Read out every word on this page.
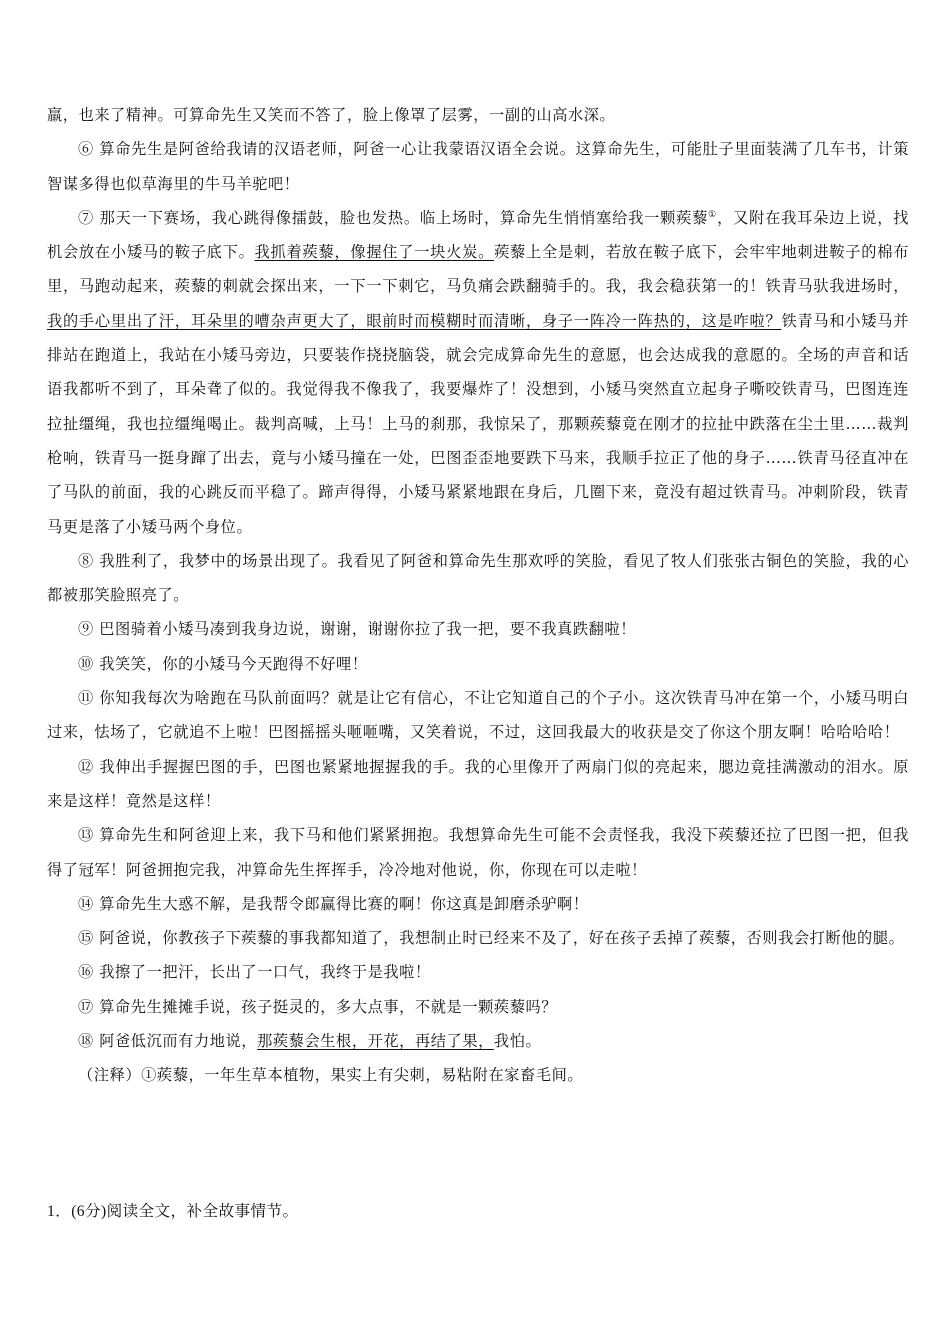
羸，也来了精神。可算命先生又笑而不答了，脸上像罩了层雾，一副的山高水深。

⑥ 算命先生是阿爸给我请的汉语老师，阿爸一心让我蒙语汉语全会说。这算命先生，可能肚子里面装满了几车书，计策智谋多得也似草海里的牛马羊驼吧！

⑦ 那天一下赛场，我心跳得像擂鼓，脸也发热。临上场时，算命先生悄悄塞给我一颗蒺藜①，又附在我耳朵边上说，找机会放在小矮马的鞍子底下。我抓着蒺藜，像握住了一块火炭。蒺藜上全是刺，若放在鞍子底下，会牢牢地刺进鞍子的棉布里，马跑动起来，蒺藜的刺就会探出来，一下一下刺它，马负痛会跌翻骑手的。我，我会稳获第一的！铁青马驮我进场时，我的手心里出了汗，耳朵里的嘈杂声更大了，眼前时而模糊时而清晰，身子一阵冷一阵热的，这是咋啦？铁青马和小矮马并排站在跑道上，我站在小矮马旁边，只要装作挠挠脑袋，就会完成算命先生的意愿，也会达成我的意愿的。全场的声音和话语我都听不到了，耳朵聋了似的。我觉得我不像我了，我要爆炸了！没想到，小矮马突然直立起身子嘶咬铁青马，巴图连连拉扯缰绳，我也拉缰绳喝止。裁判高喊，上马！上马的刹那，我惊呆了，那颗蒺藜竟在刚才的拉扯中跌落在尘土里……裁判枪响，铁青马一挺身蹿了出去，竟与小矮马撞在一处，巴图歪歪地要跌下马来，我顺手拉正了他的身子……铁青马径直冲在了马队的前面，我的心跳反而平稳了。蹄声得得，小矮马紧紧地跟在身后，几圈下来，竟没有超过铁青马。冲刺阶段，铁青马更是落了小矮马两个身位。

⑧ 我胜利了，我梦中的场景出现了。我看见了阿爸和算命先生那欢呼的笑脸，看见了牧人们张张古铜色的笑脸，我的心都被那笑脸照亮了。

⑨ 巴图骑着小矮马凑到我身边说，谢谢，谢谢你拉了我一把，要不我真跌翻啦！

⑩ 我笑笑，你的小矮马今天跑得不好哩！

⑪ 你知我每次为啥跑在马队前面吗？就是让它有信心，不让它知道自己的个子小。这次铁青马冲在第一个，小矮马明白过来，怯场了，它就追不上啦！巴图摇摇头咂咂嘴，又笑着说，不过，这回我最大的收获是交了你这个朋友啊！哈哈哈哈！

⑫ 我伸出手握握巴图的手，巴图也紧紧地握握我的手。我的心里像开了两扇门似的亮起来，腮边竟挂满激动的泪水。原来是这样！竟然是这样！

⑬ 算命先生和阿爸迎上来，我下马和他们紧紧拥抱。我想算命先生可能不会责怪我，我没下蒺藜还拉了巴图一把，但我得了冠军！阿爸拥抱完我，冲算命先生挥挥手，冷冷地对他说，你，你现在可以走啦！

⑭ 算命先生大惑不解，是我帮令郎赢得比赛的啊！你这真是卸磨杀驴啊！

⑮ 阿爸说，你教孩子下蒺藜的事我都知道了，我想制止时已经来不及了，好在孩子丢掉了蒺藜，否则我会打断他的腿。

⑯ 我擦了一把汗，长出了一口气，我终于是我啦！

⑰ 算命先生摊摊手说，孩子挺灵的，多大点事，不就是一颗蒺藜吗？

⑱ 阿爸低沉而有力地说，那蒺藜会生根，开花，再结了果，我怕。

（注释）①蒺藜，一年生草本植物，果实上有尖刺，易粘附在家畜毛间。

1．(6分)阅读全文，补全故事情节。
